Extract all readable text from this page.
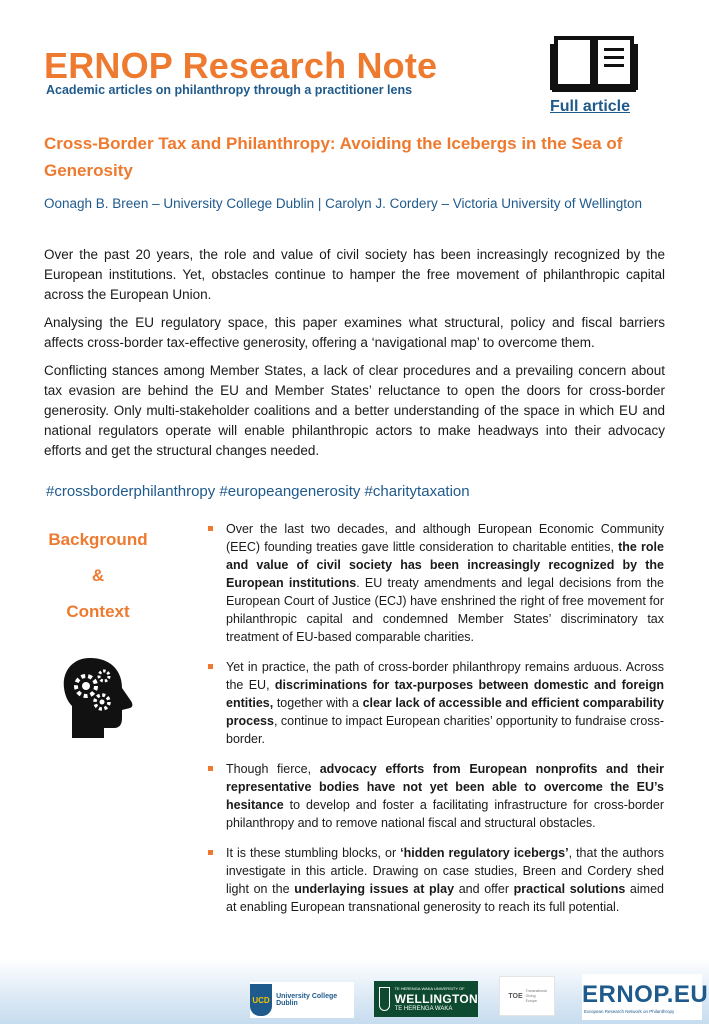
ERNOP Research Note
Academic articles on philanthropy through a practitioner lens
Full article
Cross-Border Tax and Philanthropy: Avoiding the Icebergs in the Sea of Generosity
Oonagh B. Breen – University College Dublin | Carolyn J. Cordery – Victoria University of Wellington

Over the past 20 years, the role and value of civil society has been increasingly recognized by the European institutions. Yet, obstacles continue to hamper the free movement of philanthropic capital across the European Union.

Analysing the EU regulatory space, this paper examines what structural, policy and fiscal barriers affects cross-border tax-effective generosity, offering a ‘navigational map’ to overcome them.

Conflicting stances among Member States, a lack of clear procedures and a prevailing concern about tax evasion are behind the EU and Member States’ reluctance to open the doors for cross-border generosity. Only multi-stakeholder coalitions and a better understanding of the space in which EU and national regulators operate will enable philanthropic actors to make headways into their advocacy efforts and get the structural changes needed.

#crossborderphilanthropy #europeangenerosity #charitytaxation
Background
&
Context
Over the last two decades, and although European Economic Community (EEC) founding treaties gave little consideration to charitable entities, the role and value of civil society has been increasingly recognized by the European institutions. EU treaty amendments and legal decisions from the European Court of Justice (ECJ) have enshrined the right of free movement for philanthropic capital and condemned Member States’ discriminatory tax treatment of EU-based comparable charities.
Yet in practice, the path of cross-border philanthropy remains arduous. Across the EU, discriminations for tax-purposes between domestic and foreign entities, together with a clear lack of accessible and efficient comparability process, continue to impact European charities’ opportunity to fundraise cross-border.
Though fierce, advocacy efforts from European nonprofits and their representative bodies have not yet been able to overcome the EU’s hesitance to develop and foster a facilitating infrastructure for cross-border philanthropy and to remove national fiscal and structural obstacles.
It is these stumbling blocks, or ‘hidden regulatory icebergs’, that the authors investigate in this article. Drawing on case studies, Breen and Cordery shed light on the underlaying issues at play and offer practical solutions aimed at enabling European transnational generosity to reach its full potential.
UCD University College Dublin
TE HERENGA WAKA UNIVERSITY OF
WELLINGTON
TE HERENGA WAKA
TOE
Transnational Giving Europe	ERNOP.EU
European Research Network on Philanthropy
